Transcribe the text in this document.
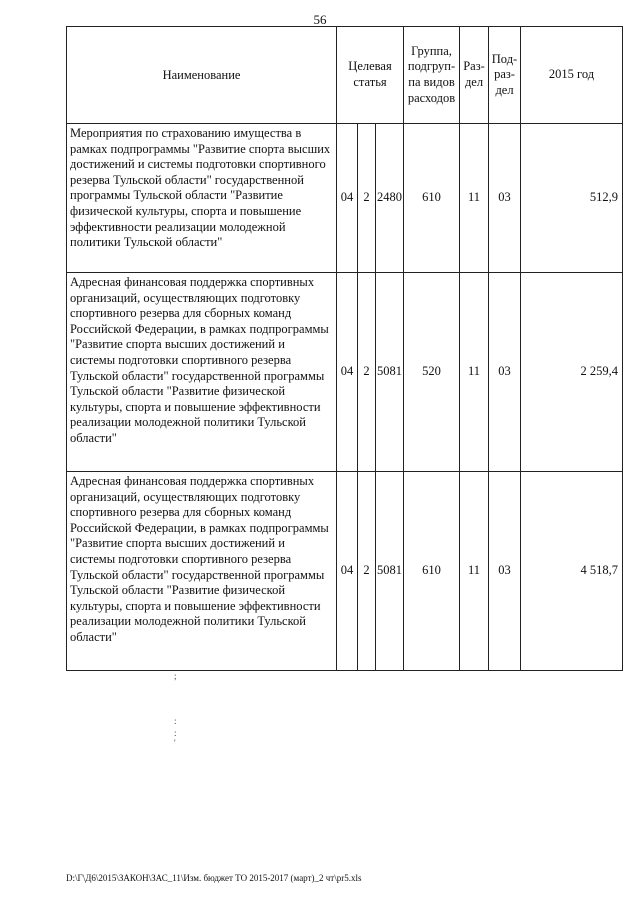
56
Наименование	Целевая статья			Группа, подгруп-па видов расходов	Раз-дел	Под-раз-дел	2015 год
Мероприятия по страхованию имущества в рамках подпрограммы "Развитие спорта высших достижений и системы подготовки спортивного резерва Тульской области" государственной программы Тульской области "Развитие физической культуры, спорта и повышение эффективности реализации молодежной политики Тульской области"	04	2	2480	610	11	03	512,9
Адресная финансовая поддержка спортивных организаций, осуществляющих подготовку спортивного резерва для сборных команд Российской Федерации, в рамках подпрограммы "Развитие спорта высших достижений и системы подготовки спортивного резерва Тульской области" государственной программы Тульской области "Развитие физической культуры, спорта и повышение эффективности реализации молодежной политики Тульской области"	04	2	5081	520	11	03	2 259,4
Адресная финансовая поддержка спортивных организаций, осуществляющих подготовку спортивного резерва для сборных команд Российской Федерации, в рамках подпрограммы "Развитие спорта высших достижений и системы подготовки спортивного резерва Тульской области" государственной программы Тульской области "Развитие физической культуры, спорта и повышение эффективности реализации молодежной политики Тульской области"	04	2	5081	610	11	03	4 518,7
;
:
:
'
D:\Г\Д6\2015\ЗАКОН\ЗАС_11\Изм. бюджет ТО 2015-2017 (март)_2 чт\pr5.xls
